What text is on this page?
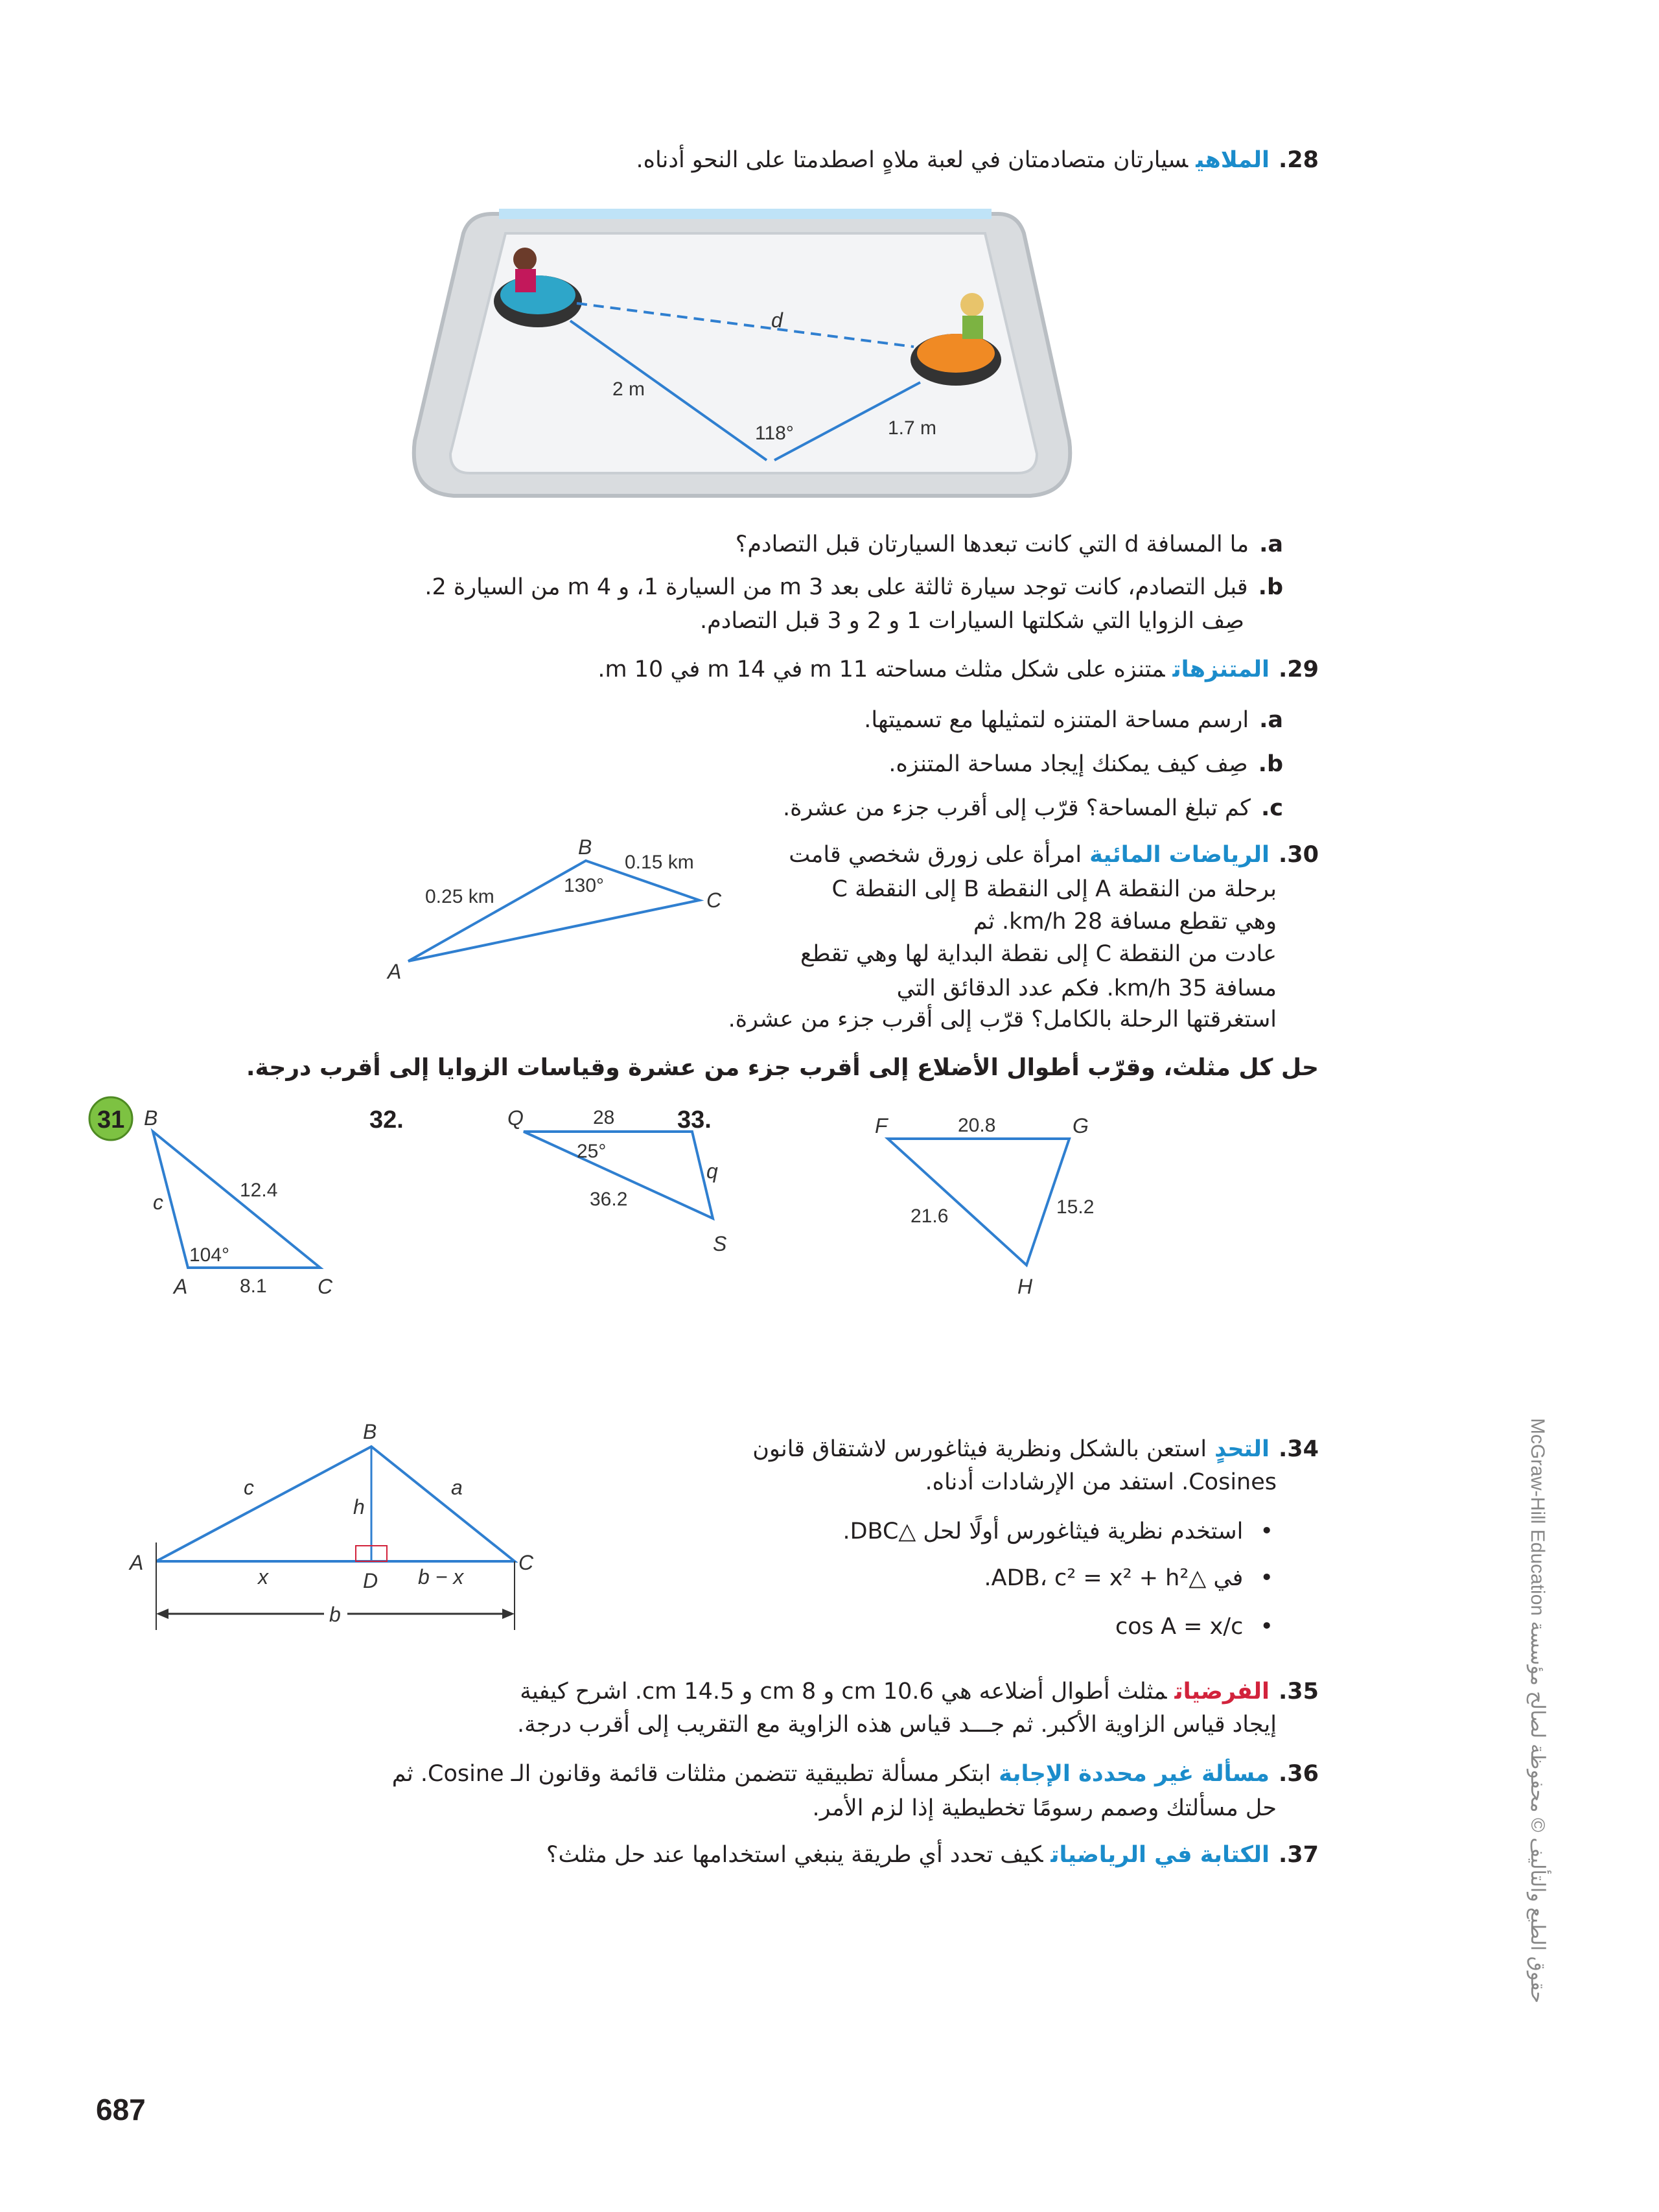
28.الملاهيسيارتان متصادمتان في لعبة ملاهٍ اصطدمتا على النحو أدناه.
d
2 m
1.7 m
118°
B
C
A
0.25 km
0.15 km
130°
31 B
A	C
c
12.4
8.1
104°
32.	Q
S
q
28
36.2
25°
33.	F	G
H
20.8
21.6	15.2
b
B
A	C
D
a
c
h
x	b − x
a.ما المسافة d التي كانت تبعدها السيارتان قبل التصادم؟
b.قبل التصادم، كانت توجد سيارة ثالثة على بعد 3 m من السيارة 1، و 4 m من السيارة 2.
صِف الزوايا التي شكلتها السيارات 1 و 2 و 3 قبل التصادم.
29.المتنزهاتمتنزه على شكل مثلث مساحته 11 m في 14 m في 10 m.
a.ارسم مساحة المتنزه لتمثيلها مع تسميتها.
b.صِف كيف يمكنك إيجاد مساحة المتنزه.
c.كم تبلغ المساحة؟ قرّب إلى أقرب جزء من عشرة.
30.الرياضات المائيةامرأة على زورق شخصي قامت
برحلة من النقطة A إلى النقطة B إلى النقطة C
وهي تقطع مسافة 28 km/h. ثم
عادت من النقطة C إلى نقطة البداية لها وهي تقطع
مسافة 35 km/h. فكم عدد الدقائق التي
استغرقتها الرحلة بالكامل؟ قرّب إلى أقرب جزء من عشرة.
حل كل مثلث، وقرّب أطوال الأضلاع إلى أقرب جزء من عشرة وقياسات الزوايا إلى أقرب درجة.
34.التحدٍاستعن بالشكل ونظرية فيثاغورس لاشتقاق قانون
Cosines. استفد من الإرشادات أدناه.
•استخدم نظرية فيثاغورس أولًا لحل △DBC.
•في △ADB، c² = x² + h².
•cos A = x/c
35.الفرضياتمثلث أطوال أضلاعه هي 10.6 cm و 8 cm و 14.5 cm. اشرح كيفية
إيجاد قياس الزاوية الأكبر. ثم جـــد قياس هذه الزاوية مع التقريب إلى أقرب درجة.
36.مسألة غير محددة الإجابةابتكر مسألة تطبيقية تتضمن مثلثات قائمة وقانون الـ Cosine. ثم
حل مسألتك وصمم رسومًا تخطيطية إذا لزم الأمر.
37.الكتابة في الرياضياتكيف تحدد أي طريقة ينبغي استخدامها عند حل مثلث؟
McGraw-Hill Education حقوق الطبع والتأليف © محفوظة لصالح مؤسسة
687
